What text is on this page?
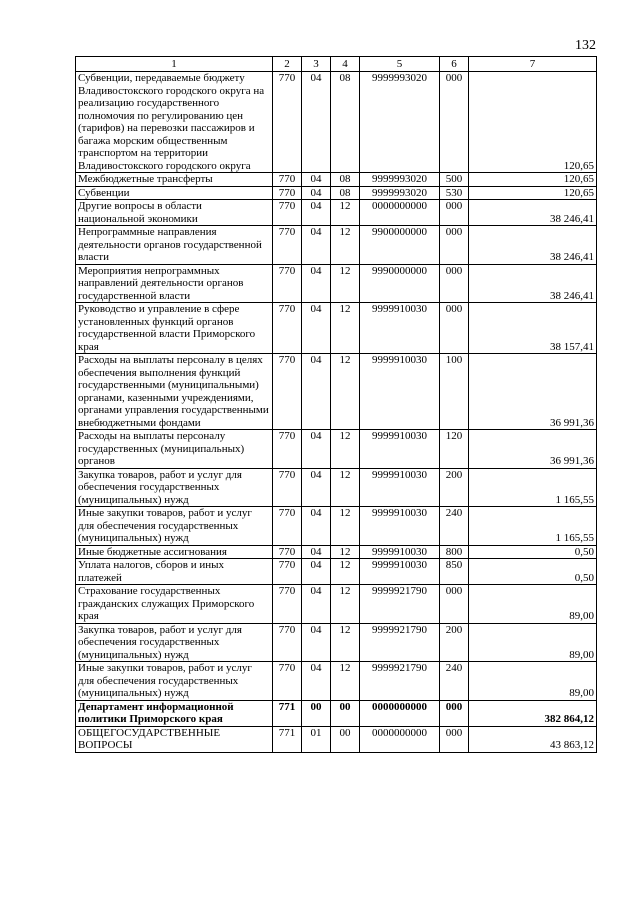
132
1	2	3	4	5	6	7
Субвенции, передаваемые бюджету Владивостокского городского округа на реализацию государственного полномочия по регулированию цен (тарифов) на перевозки пассажиров и багажа морским общественным транспортом на территории Владивостокского городского округа	770	04	08	9999993020	000	120,65
Межбюджетные трансферты	770	04	08	9999993020	500	120,65
Субвенции	770	04	08	9999993020	530	120,65
Другие вопросы в области национальной экономики	770	04	12	0000000000	000	38 246,41
Непрограммные направления деятельности органов государственной власти	770	04	12	9900000000	000	38 246,41
Мероприятия непрограммных направлений деятельности органов государственной власти	770	04	12	9990000000	000	38 246,41
Руководство и управление в сфере установленных функций органов государственной власти Приморского края	770	04	12	9999910030	000	38 157,41
Расходы на выплаты персоналу в целях обеспечения выполнения функций государственными (муниципальными) органами, казенными учреждениями, органами управления государственными внебюджетными фондами	770	04	12	9999910030	100	36 991,36
Расходы на выплаты персоналу государственных (муниципальных) органов	770	04	12	9999910030	120	36 991,36
Закупка товаров, работ и услуг для обеспечения государственных (муниципальных) нужд	770	04	12	9999910030	200	1 165,55
Иные закупки товаров, работ и услуг для обеспечения государственных (муниципальных) нужд	770	04	12	9999910030	240	1 165,55
Иные бюджетные ассигнования	770	04	12	9999910030	800	0,50
Уплата налогов, сборов и иных платежей	770	04	12	9999910030	850	0,50
Страхование государственных гражданских служащих Приморского края	770	04	12	9999921790	000	89,00
Закупка товаров, работ и услуг для обеспечения государственных (муниципальных) нужд	770	04	12	9999921790	200	89,00
Иные закупки товаров, работ и услуг для обеспечения государственных (муниципальных) нужд	770	04	12	9999921790	240	89,00
Департамент информационной политики Приморского края	771	00	00	0000000000	000	382 864,12
ОБЩЕГОСУДАРСТВЕННЫЕ ВОПРОСЫ	771	01	00	0000000000	000	43 863,12
